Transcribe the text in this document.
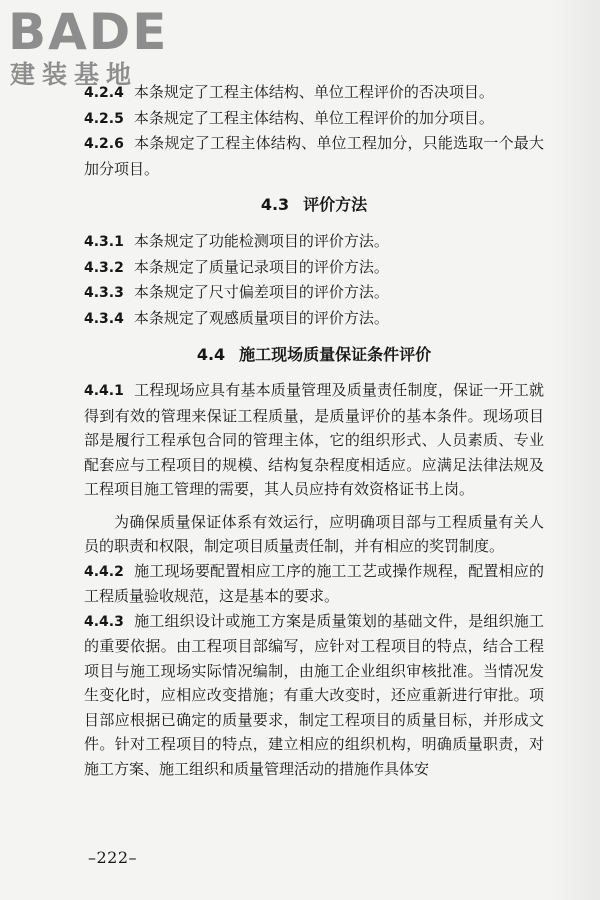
BADE
建装基地

4.2.4 本条规定了工程主体结构、单位工程评价的否决项目。

4.2.5 本条规定了工程主体结构、单位工程评价的加分项目。

4.2.6 本条规定了工程主体结构、单位工程加分，只能选取一个最大加分项目。

4.3 评价方法

4.3.1 本条规定了功能检测项目的评价方法。

4.3.2 本条规定了质量记录项目的评价方法。

4.3.3 本条规定了尺寸偏差项目的评价方法。

4.3.4 本条规定了观感质量项目的评价方法。

4.4 施工现场质量保证条件评价

4.4.1 工程现场应具有基本质量管理及质量责任制度，保证一开工就得到有效的管理来保证工程质量，是质量评价的基本条件。现场项目部是履行工程承包合同的管理主体，它的组织形式、人员素质、专业配套应与工程项目的规模、结构复杂程度相适应。应满足法律法规及工程项目施工管理的需要，其人员应持有效资格证书上岗。

为确保质量保证体系有效运行，应明确项目部与工程质量有关人员的职责和权限，制定项目质量责任制，并有相应的奖罚制度。

4.4.2 施工现场要配置相应工序的施工工艺或操作规程，配置相应的工程质量验收规范，这是基本的要求。

4.4.3 施工组织设计或施工方案是质量策划的基础文件，是组织施工的重要依据。由工程项目部编写，应针对工程项目的特点，结合工程项目与施工现场实际情况编制，由施工企业组织审核批准。当情况发生变化时，应相应改变措施；有重大改变时，还应重新进行审批。项目部应根据已确定的质量要求，制定工程项目的质量目标，并形成文件。针对工程项目的特点，建立相应的组织机构，明确质量职责，对施工方案、施工组织和质量管理活动的措施作具体安

–222–
